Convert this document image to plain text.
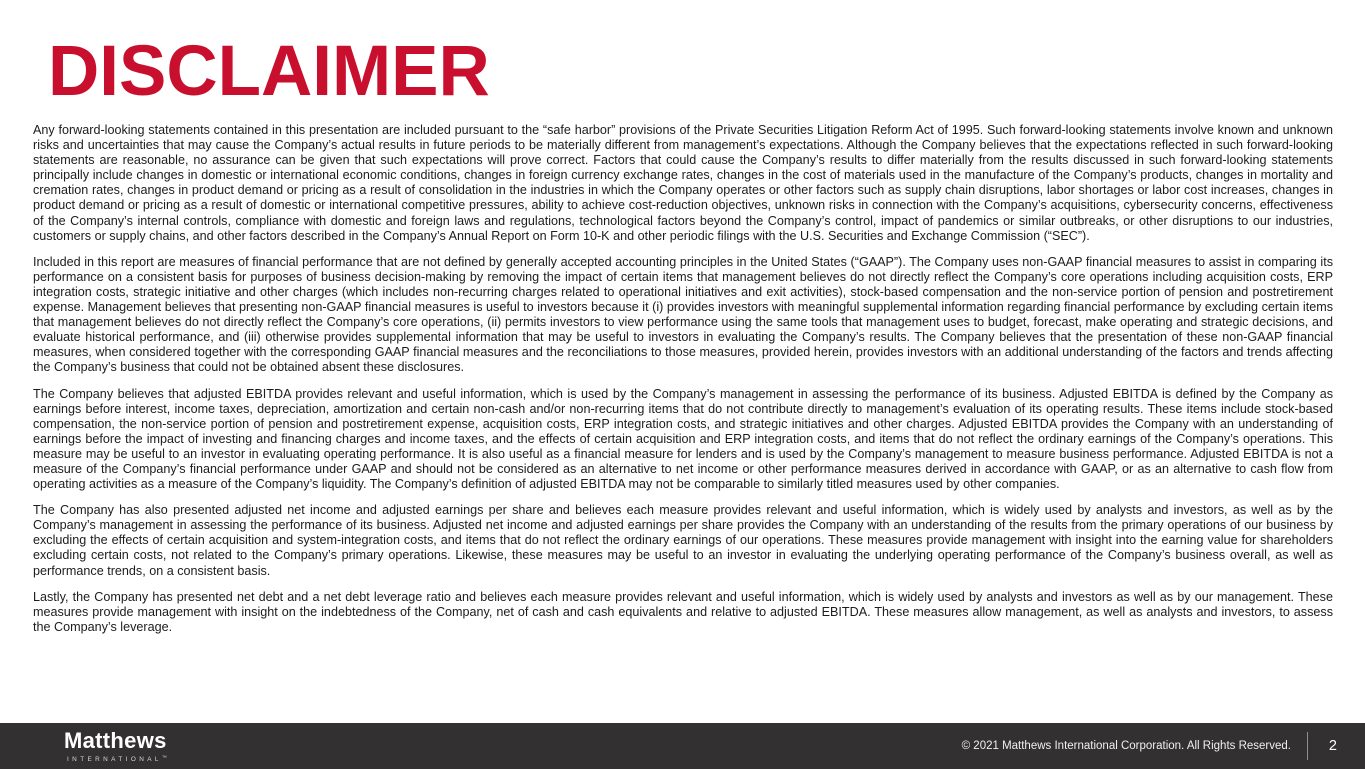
DISCLAIMER

Any forward-looking statements contained in this presentation are included pursuant to the “safe harbor” provisions of the Private Securities Litigation Reform Act of 1995. Such forward-looking statements involve known and unknown risks and uncertainties that may cause the Company’s actual results in future periods to be materially different from management’s expectations. Although the Company believes that the expectations reflected in such forward-looking statements are reasonable, no assurance can be given that such expectations will prove correct. Factors that could cause the Company’s results to differ materially from the results discussed in such forward-looking statements principally include changes in domestic or international economic conditions, changes in foreign currency exchange rates, changes in the cost of materials used in the manufacture of the Company’s products, changes in mortality and cremation rates, changes in product demand or pricing as a result of consolidation in the industries in which the Company operates or other factors such as supply chain disruptions, labor shortages or labor cost increases, changes in product demand or pricing as a result of domestic or international competitive pressures, ability to achieve cost-reduction objectives, unknown risks in connection with the Company’s acquisitions, cybersecurity concerns, effectiveness of the Company’s internal controls, compliance with domestic and foreign laws and regulations, technological factors beyond the Company’s control, impact of pandemics or similar outbreaks, or other disruptions to our industries, customers or supply chains, and other factors described in the Company’s Annual Report on Form 10-K and other periodic filings with the U.S. Securities and Exchange Commission (“SEC”).

Included in this report are measures of financial performance that are not defined by generally accepted accounting principles in the United States (“GAAP”). The Company uses non-GAAP financial measures to assist in comparing its performance on a consistent basis for purposes of business decision-making by removing the impact of certain items that management believes do not directly reflect the Company’s core operations including acquisition costs, ERP integration costs, strategic initiative and other charges (which includes non-recurring charges related to operational initiatives and exit activities), stock-based compensation and the non-service portion of pension and postretirement expense. Management believes that presenting non-GAAP financial measures is useful to investors because it (i) provides investors with meaningful supplemental information regarding financial performance by excluding certain items that management believes do not directly reflect the Company’s core operations, (ii) permits investors to view performance using the same tools that management uses to budget, forecast, make operating and strategic decisions, and evaluate historical performance, and (iii) otherwise provides supplemental information that may be useful to investors in evaluating the Company’s results. The Company believes that the presentation of these non-GAAP financial measures, when considered together with the corresponding GAAP financial measures and the reconciliations to those measures, provided herein, provides investors with an additional understanding of the factors and trends affecting the Company’s business that could not be obtained absent these disclosures.

The Company believes that adjusted EBITDA provides relevant and useful information, which is used by the Company’s management in assessing the performance of its business. Adjusted EBITDA is defined by the Company as earnings before interest, income taxes, depreciation, amortization and certain non-cash and/or non-recurring items that do not contribute directly to management’s evaluation of its operating results. These items include stock-based compensation, the non-service portion of pension and postretirement expense, acquisition costs, ERP integration costs, and strategic initiatives and other charges. Adjusted EBITDA provides the Company with an understanding of earnings before the impact of investing and financing charges and income taxes, and the effects of certain acquisition and ERP integration costs, and items that do not reflect the ordinary earnings of the Company’s operations. This measure may be useful to an investor in evaluating operating performance. It is also useful as a financial measure for lenders and is used by the Company’s management to measure business performance. Adjusted EBITDA is not a measure of the Company’s financial performance under GAAP and should not be considered as an alternative to net income or other performance measures derived in accordance with GAAP, or as an alternative to cash flow from operating activities as a measure of the Company’s liquidity. The Company’s definition of adjusted EBITDA may not be comparable to similarly titled measures used by other companies.

The Company has also presented adjusted net income and adjusted earnings per share and believes each measure provides relevant and useful information, which is widely used by analysts and investors, as well as by the Company’s management in assessing the performance of its business. Adjusted net income and adjusted earnings per share provides the Company with an understanding of the results from the primary operations of our business by excluding the effects of certain acquisition and system-integration costs, and items that do not reflect the ordinary earnings of our operations. These measures provide management with insight into the earning value for shareholders excluding certain costs, not related to the Company’s primary operations. Likewise, these measures may be useful to an investor in evaluating the underlying operating performance of the Company’s business overall, as well as performance trends, on a consistent basis.

Lastly, the Company has presented net debt and a net debt leverage ratio and believes each measure provides relevant and useful information, which is widely used by analysts and investors as well as by our management. These measures provide management with insight on the indebtedness of the Company, net of cash and cash equivalents and relative to adjusted EBITDA. These measures allow management, as well as analysts and investors, to assess the Company’s leverage.

Matthews
INTERNATIONAL™
© 2021 Matthews International Corporation. All Rights Reserved.	2
